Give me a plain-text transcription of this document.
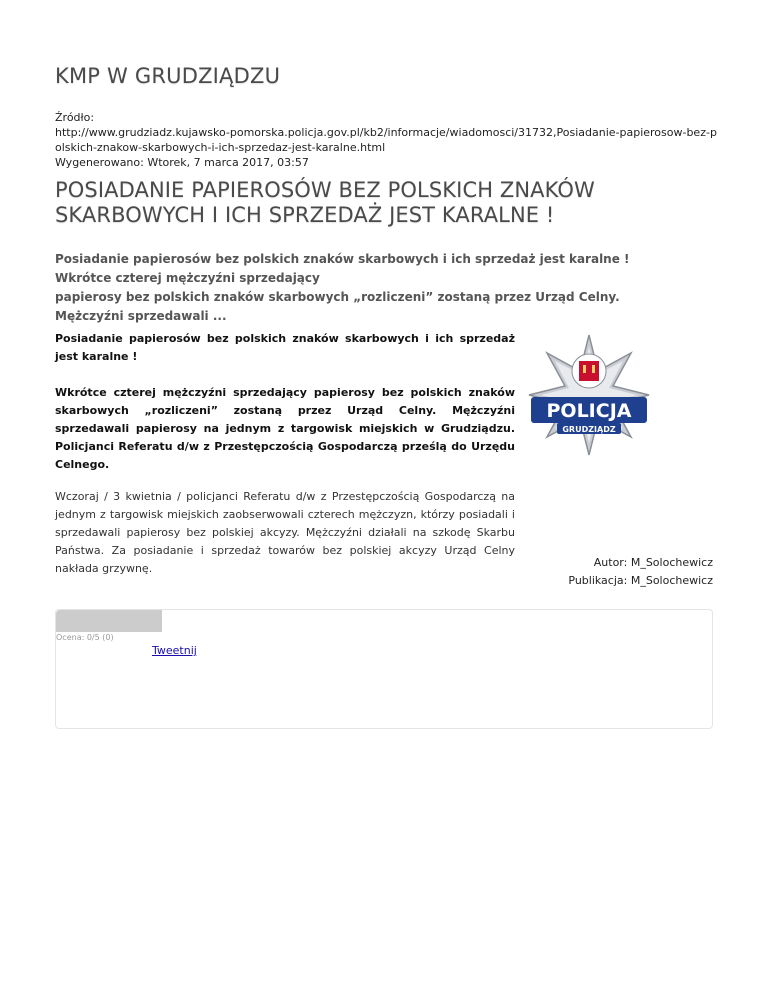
KMP W GRUDZIĄDZU
Źródło:
http://www.grudziadz.kujawsko-pomorska.policja.gov.pl/kb2/informacje/wiadomosci/31732,Posiadanie-papierosow-bez-polskich-znakow-skarbowych-i-ich-sprzedaz-jest-karalne.html
Wygenerowano: Wtorek, 7 marca 2017, 03:57
POSIADANIE PAPIEROSÓW BEZ POLSKICH ZNAKÓW SKARBOWYCH I ICH SPRZEDAŻ JEST KARALNE !

Posiadanie papierosów bez polskich znaków skarbowych i ich sprzedaż jest karalne !

Wkrótce czterej mężczyźni sprzedający

papierosy bez polskich znaków skarbowych „rozliczeni” zostaną przez Urząd Celny.

Mężczyźni sprzedawali ...

Posiadanie papierosów bez polskich znaków skarbowych i ich sprzedaż jest karalne !

Wkrótce czterej mężczyźni sprzedający papierosy bez polskich znaków skarbowych „rozliczeni” zostaną przez Urząd Celny. Mężczyźni sprzedawali papierosy na jednym z targowisk miejskich w Grudziądzu. Policjanci Referatu d/w z Przestępczością Gospodarczą prześlą do Urzędu Celnego.

Wczoraj / 3 kwietnia / policjanci Referatu d/w z Przestępczością Gospodarczą na jednym z targowisk miejskich zaobserwowali czterech mężczyzn, którzy posiadali i sprzedawali papierosy bez polskiej akcyzy. Mężczyźni działali na szkodę Skarbu Państwa. Za posiadanie i sprzedaż towarów bez polskiej akcyzy Urząd Celny nakłada grzywnę.

POLICJA
GRUDZIĄDZ
Autor: M_Solochewicz
Publikacja: M_Solochewicz
Ocena: 0/5 (0)
Tweetnij
